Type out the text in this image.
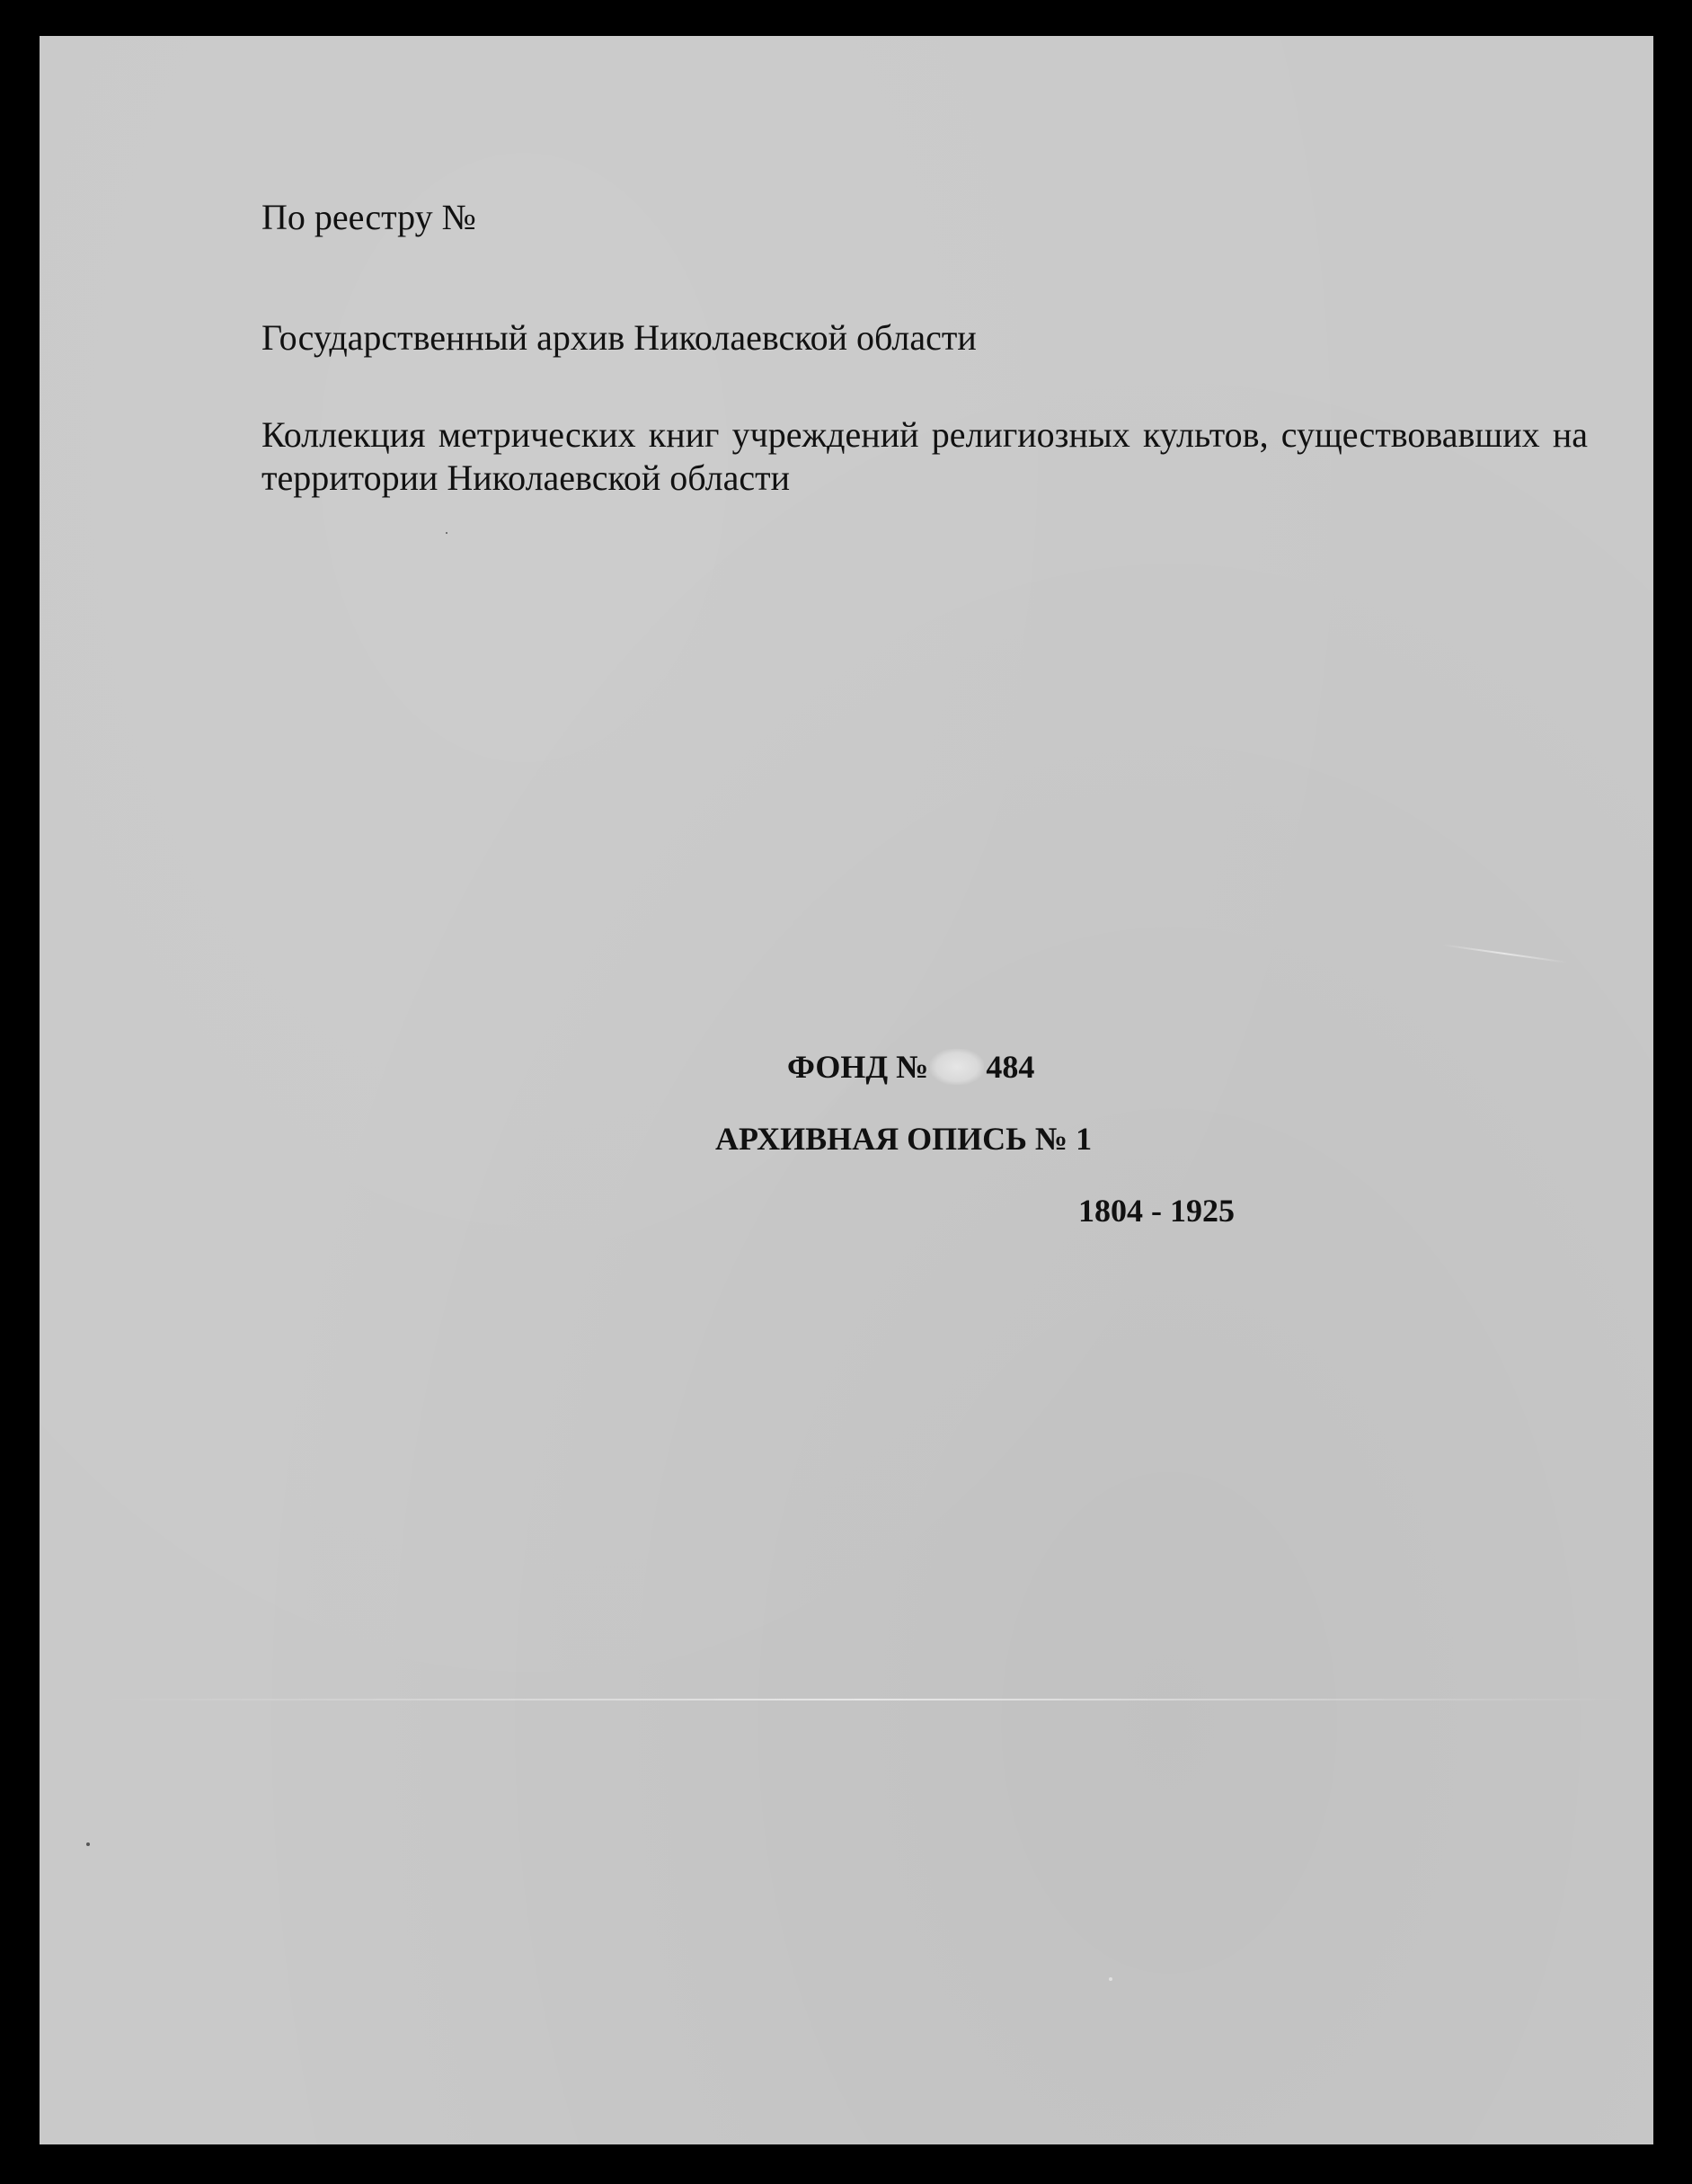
По реестру №

Государственный архив Николаевской области

Коллекция метрических книг учреждений религиозных культов, существовавших на территории Николаевской области

ФОНД № 484

АРХИВНАЯ ОПИСЬ № 1

1804 - 1925
